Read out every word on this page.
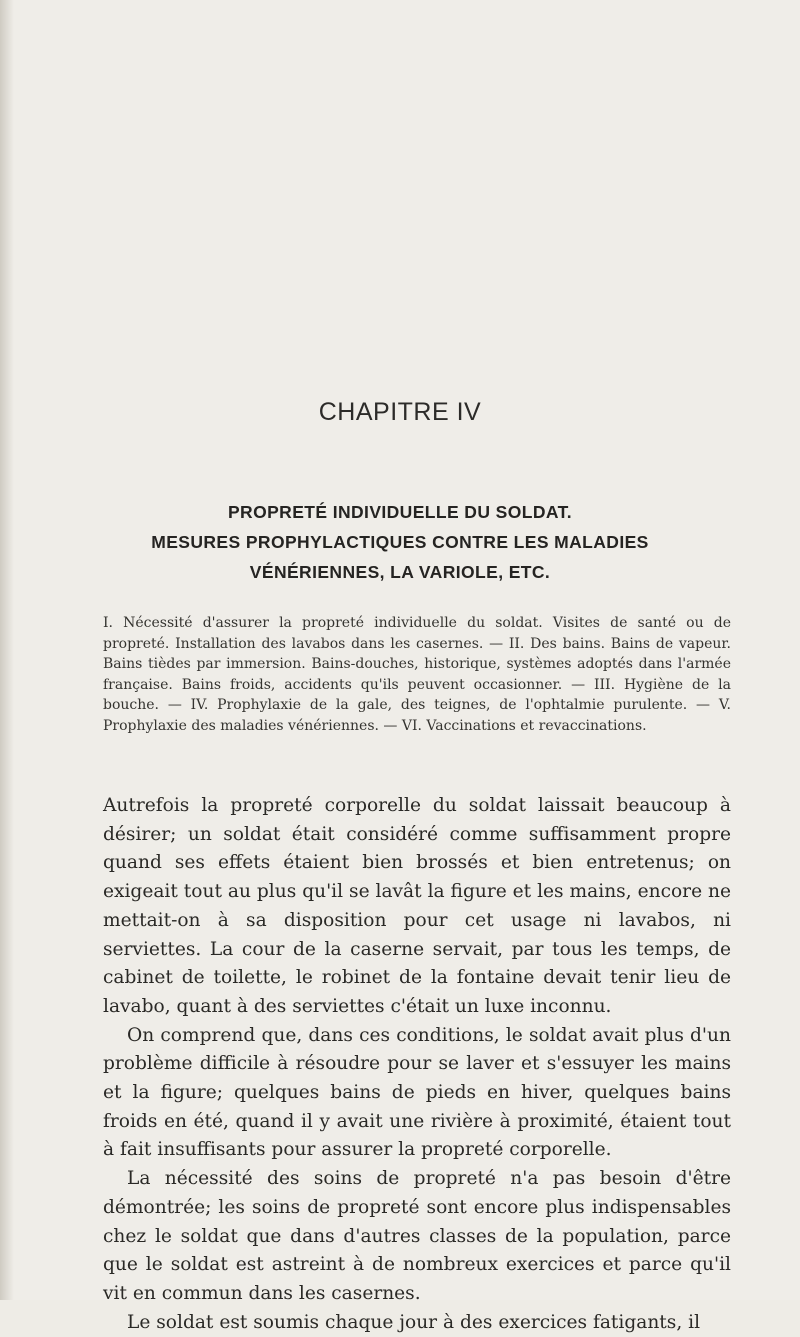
CHAPITRE IV
PROPRETÉ INDIVIDUELLE DU SOLDAT.
MESURES PROPHYLACTIQUES CONTRE LES MALADIES
VÉNÉRIENNES, LA VARIOLE, ETC.
I. Nécessité d'assurer la propreté individuelle du soldat. Visites de santé ou de propreté. Installation des lavabos dans les casernes. — II. Des bains. Bains de vapeur. Bains tièdes par immersion. Bains-douches, historique, systèmes adoptés dans l'armée française. Bains froids, accidents qu'ils peuvent occasionner. — III. Hygiène de la bouche. — IV. Prophylaxie de la gale, des teignes, de l'ophtalmie purulente. — V. Prophylaxie des maladies vénériennes. — VI. Vaccinations et revaccinations.

Autrefois la propreté corporelle du soldat laissait beaucoup à désirer; un soldat était considéré comme suffisamment propre quand ses effets étaient bien brossés et bien entretenus; on exigeait tout au plus qu'il se lavât la figure et les mains, encore ne mettait-on à sa disposition pour cet usage ni lavabos, ni serviettes. La cour de la caserne servait, par tous les temps, de cabinet de toilette, le robinet de la fontaine devait tenir lieu de lavabo, quant à des serviettes c'était un luxe inconnu.

On comprend que, dans ces conditions, le soldat avait plus d'un problème difficile à résoudre pour se laver et s'essuyer les mains et la figure; quelques bains de pieds en hiver, quelques bains froids en été, quand il y avait une rivière à proximité, étaient tout à fait insuffisants pour assurer la propreté corporelle.

La nécessité des soins de propreté n'a pas besoin d'être démontrée; les soins de propreté sont encore plus indispensables chez le soldat que dans d'autres classes de la population, parce que le soldat est astreint à de nombreux exercices et parce qu'il vit en commun dans les casernes.

Le soldat est soumis chaque jour à des exercices fatigants, il
